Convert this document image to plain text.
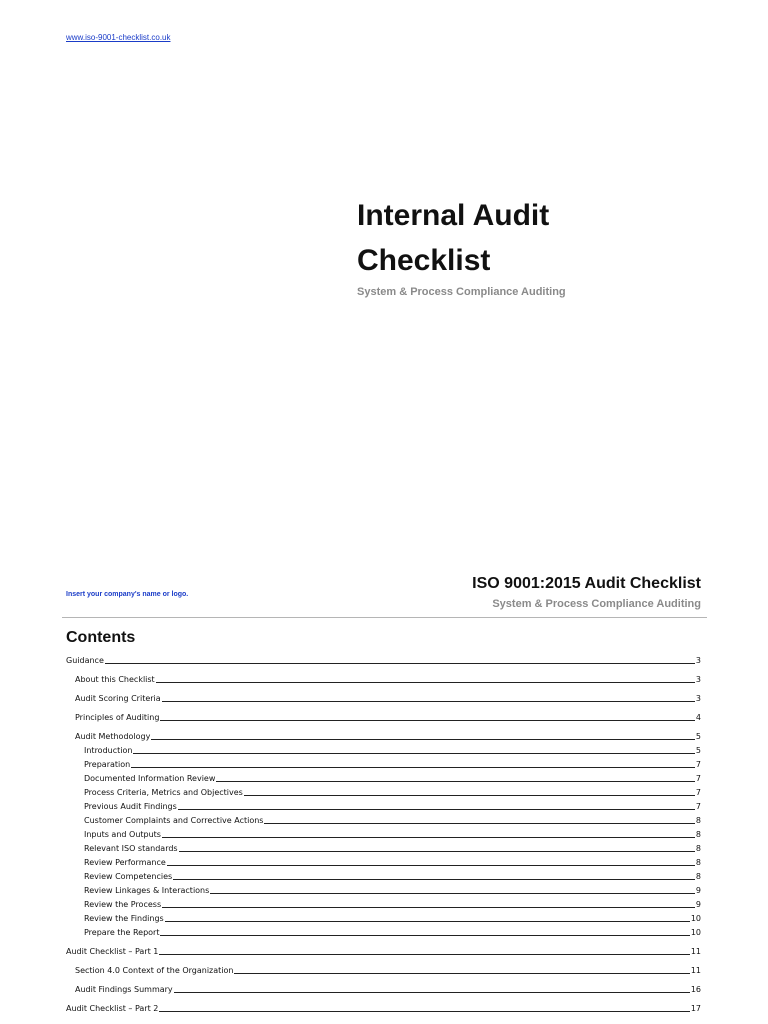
www.iso-9001-checklist.co.uk
Internal Audit
Checklist
System & Process Compliance Auditing
Insert your company's name or logo.
ISO 9001:2015 Audit Checklist
System & Process Compliance Auditing
Contents
Guidance	3
About this Checklist	3
Audit Scoring Criteria	3
Principles of Auditing	4
Audit Methodology	5
Introduction	5
Preparation	7
Documented Information Review	7
Process Criteria, Metrics and Objectives	7
Previous Audit Findings	7
Customer Complaints and Corrective Actions	8
Inputs and Outputs	8
Relevant ISO standards	8
Review Performance	8
Review Competencies	8
Review Linkages & Interactions	9
Review the Process	9
Review the Findings	10
Prepare the Report	10
Audit Checklist – Part 1	11
Section 4.0 Context of the Organization	11
Audit Findings Summary	16
Audit Checklist – Part 2	17
